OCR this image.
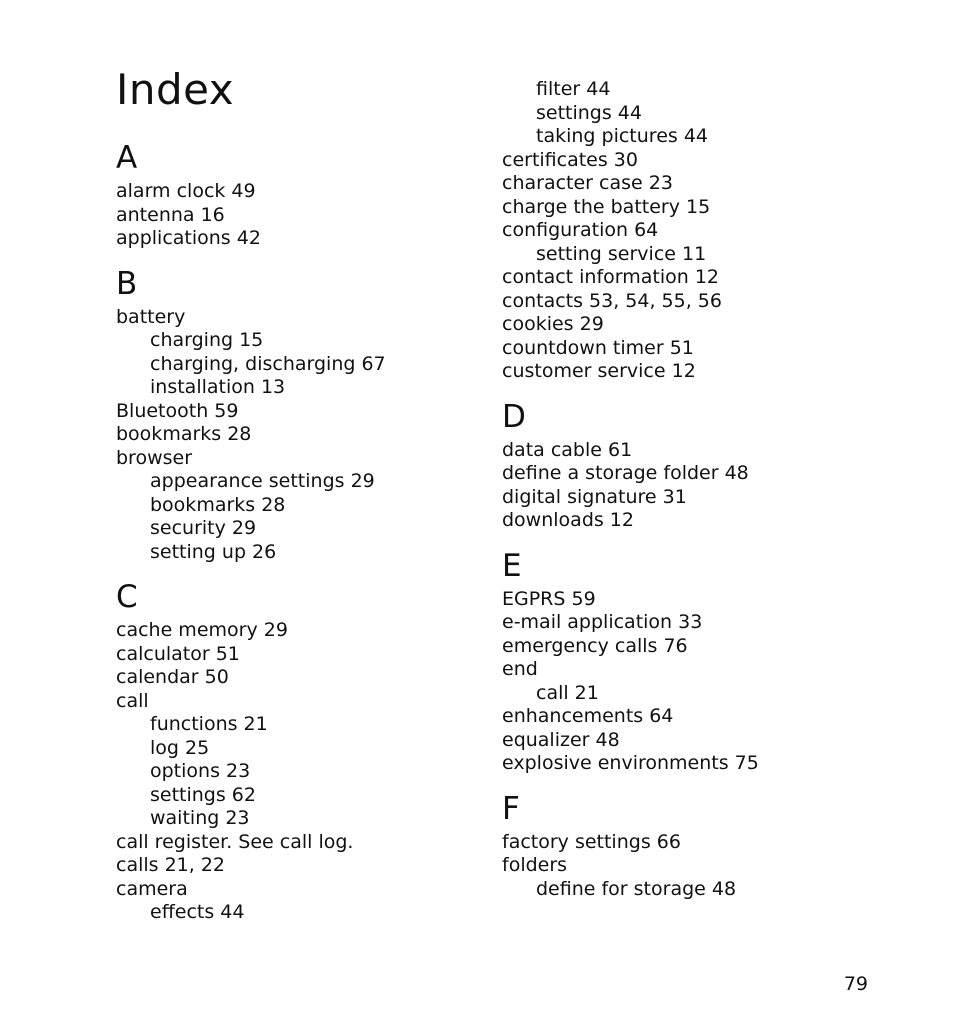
Index
A
alarm clock 49
antenna 16
applications 42
B
battery
charging 15
charging, discharging 67
installation 13
Bluetooth 59
bookmarks 28
browser
appearance settings 29
bookmarks 28
security 29
setting up 26
C
cache memory 29
calculator 51
calendar 50
call
functions 21
log 25
options 23
settings 62
waiting 23
call register. See call log.
calls 21, 22
camera
effects 44
filter 44
settings 44
taking pictures 44
certificates 30
character case 23
charge the battery 15
configuration 64
setting service 11
contact information 12
contacts 53, 54, 55, 56
cookies 29
countdown timer 51
customer service 12
D
data cable 61
define a storage folder 48
digital signature 31
downloads 12
E
EGPRS 59
e-mail application 33
emergency calls 76
end
call 21
enhancements 64
equalizer 48
explosive environments 75
F
factory settings 66
folders
define for storage 48
79
